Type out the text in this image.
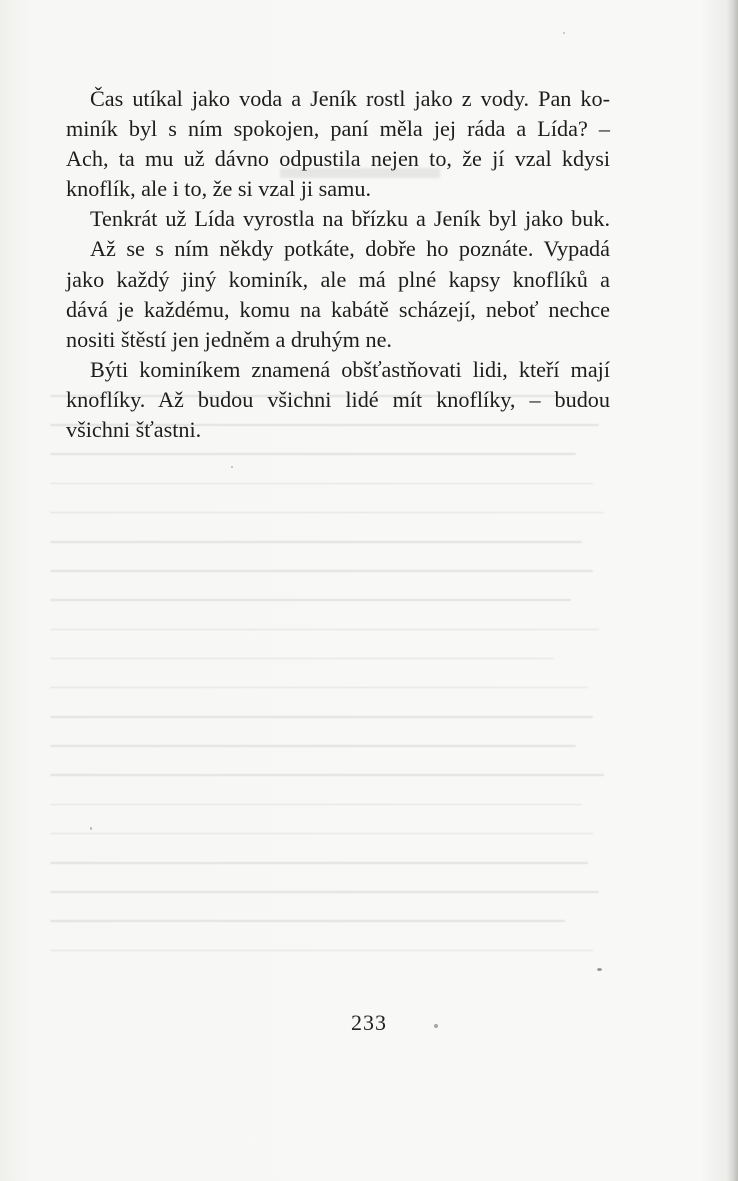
Čas utíkal jako voda a Jeník rostl jako z vody. Pan ko-
miník byl s ním spokojen, paní měla jej ráda a Lída? –
Ach, ta mu už dávno odpustila nejen to, že jí vzal kdysi
knoflík, ale i to, že si vzal ji samu.
Tenkrát už Lída vyrostla na břízku a Jeník byl jako buk.
Až se s ním někdy potkáte, dobře ho poznáte. Vypadá
jako každý jiný kominík, ale má plné kapsy knoflíků a
dává je každému, komu na kabátě scházejí, neboť nechce
nositi štěstí jen jedněm a druhým ne.
Býti kominíkem znamená obšťastňovati lidi, kteří mají
knoflíky. Až budou všichni lidé mít knoflíky, – budou
všichni šťastni.
233
